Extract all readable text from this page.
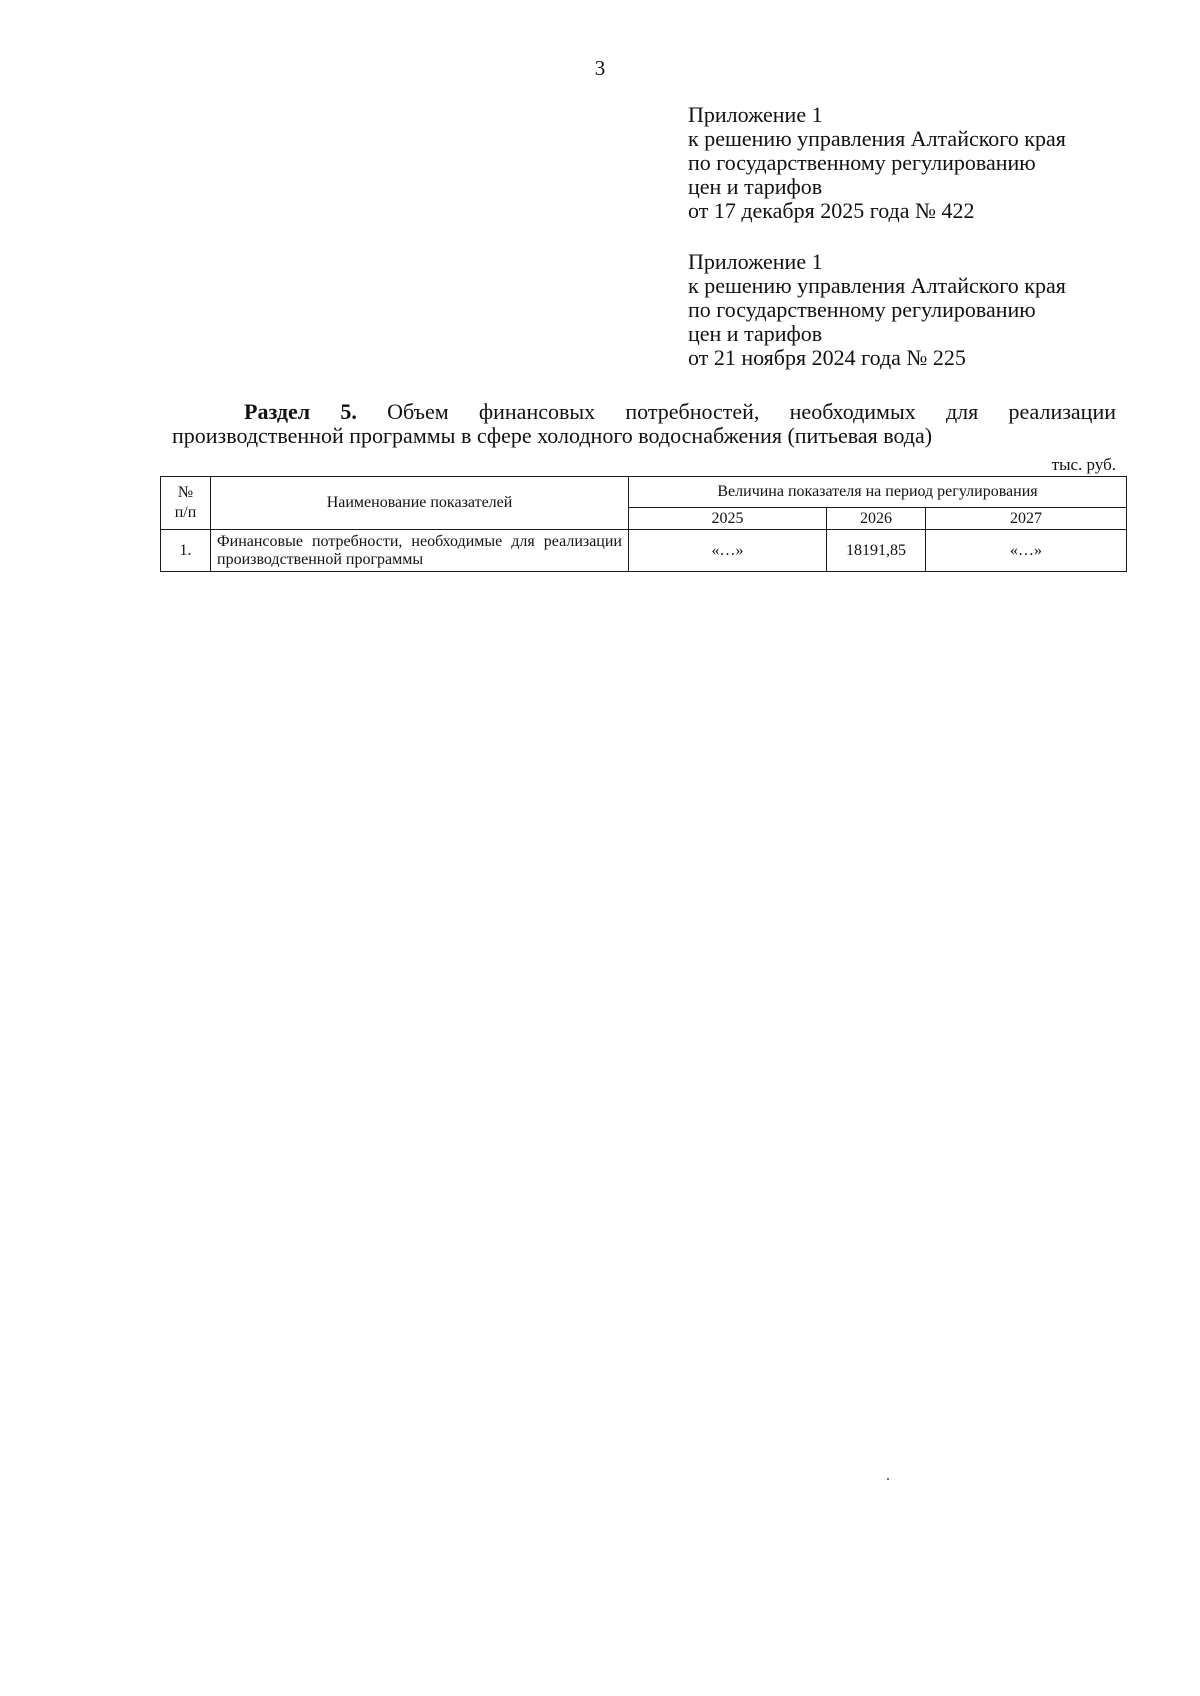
3
Приложение 1
к решению управления Алтайского края
по государственному регулированию
цен и тарифов
от 17 декабря 2025 года № 422
Приложение 1
к решению управления Алтайского края
по государственному регулированию
цен и тарифов
от 21 ноября 2024 года № 225
Раздел 5. Объем финансовых потребностей, необходимых для реализации
производственной программы в сфере холодного водоснабжения (питьевая вода)
тыс. руб.
№
п/п	Наименование показателей	Величина показателя на период регулирования		
		2025	2026	2027
1.	Финансовые потребности, необходимые для реализации производственной программы	«…»	18191,85	«…»
